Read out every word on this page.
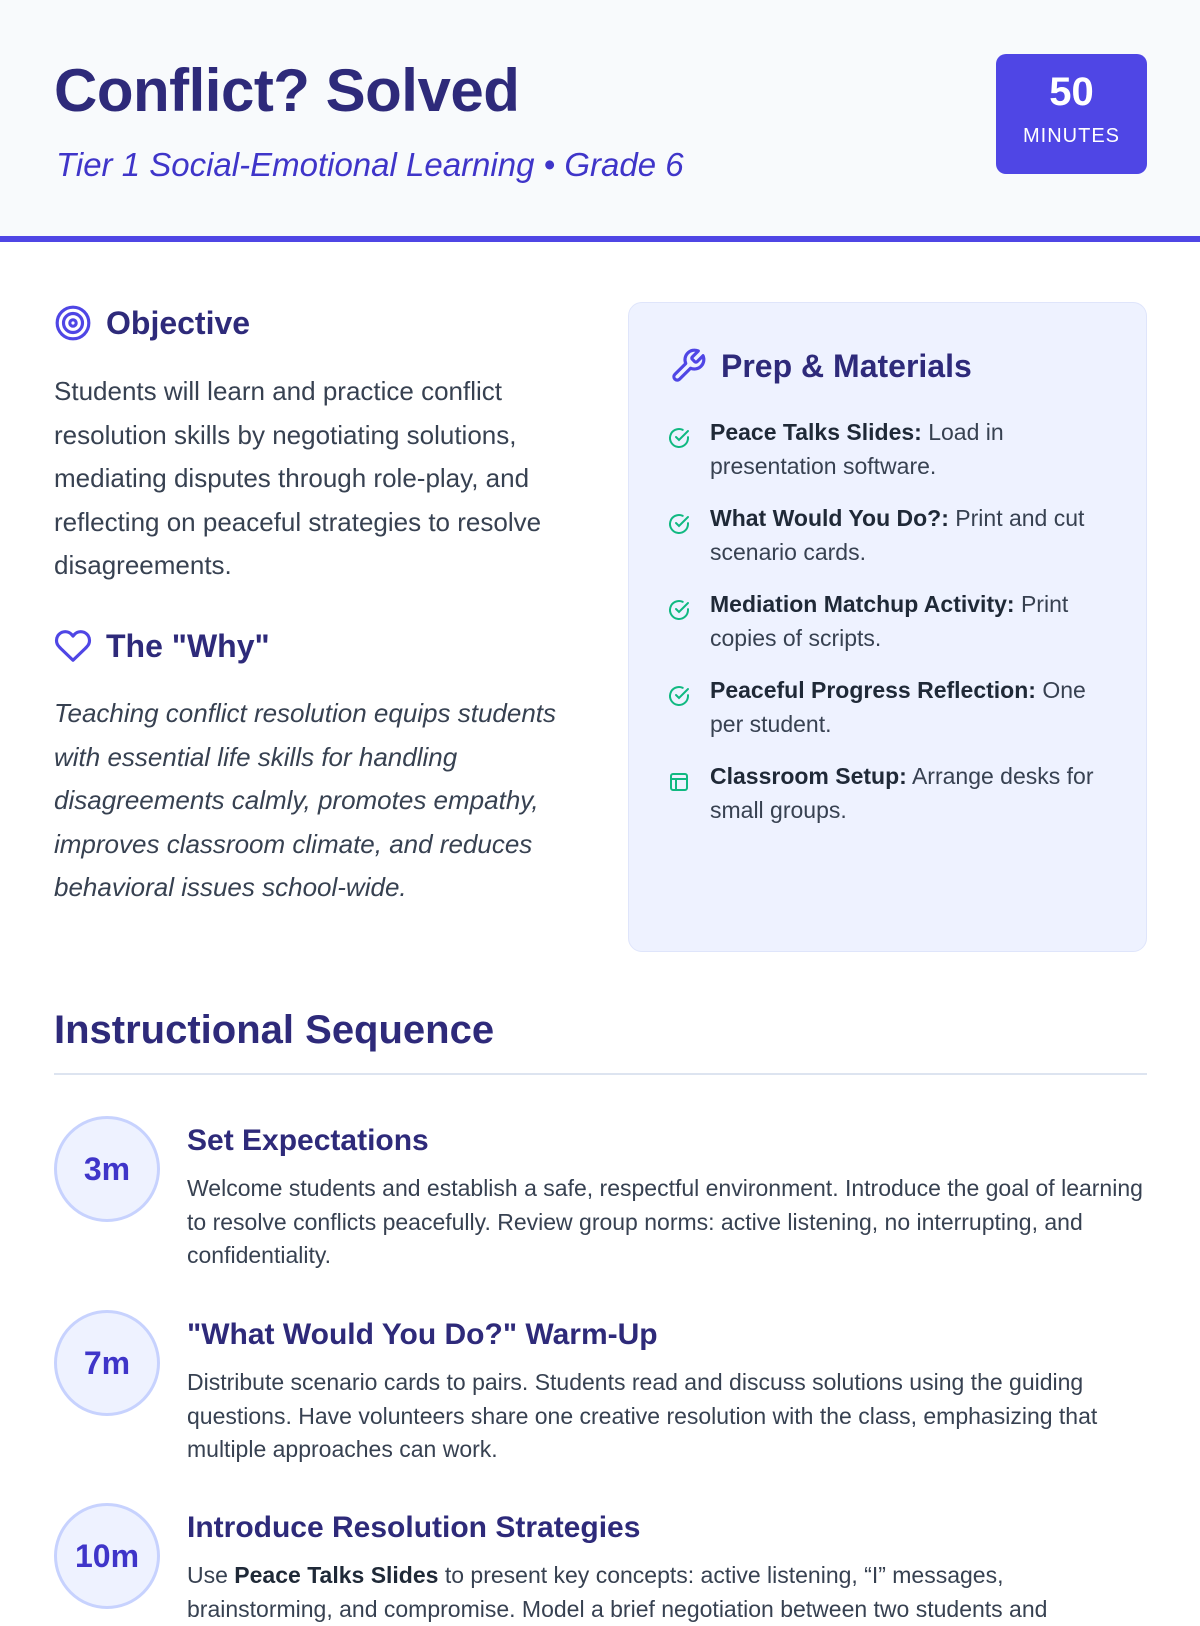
Conflict? Solved
Tier 1 Social-Emotional Learning • Grade 6
50
MINUTES
Objective

Students will learn and practice conflict resolution skills by negotiating solutions, mediating disputes through role-play, and reflecting on peaceful strategies to resolve disagreements.

The "Why"

Teaching conflict resolution equips students with essential life skills for handling disagreements calmly, promotes empathy, improves classroom climate, and reduces behavioral issues school-wide.

Prep & Materials
Peace Talks Slides: Load in presentation software.
What Would You Do?: Print and cut scenario cards.
Mediation Matchup Activity: Print copies of scripts.
Peaceful Progress Reflection: One per student.
Classroom Setup: Arrange desks for small groups.
Instructional Sequence
3m
Set Expectations

Welcome students and establish a safe, respectful environment. Introduce the goal of learning to resolve conflicts peacefully. Review group norms: active listening, no interrupting, and confidentiality.

7m
"What Would You Do?" Warm-Up

Distribute scenario cards to pairs. Students read and discuss solutions using the guiding questions. Have volunteers share one creative resolution with the class, emphasizing that multiple approaches can work.

10m
Introduce Resolution Strategies

Use Peace Talks Slides to present key concepts: active listening, “I” messages, brainstorming, and compromise. Model a brief negotiation between two students and
